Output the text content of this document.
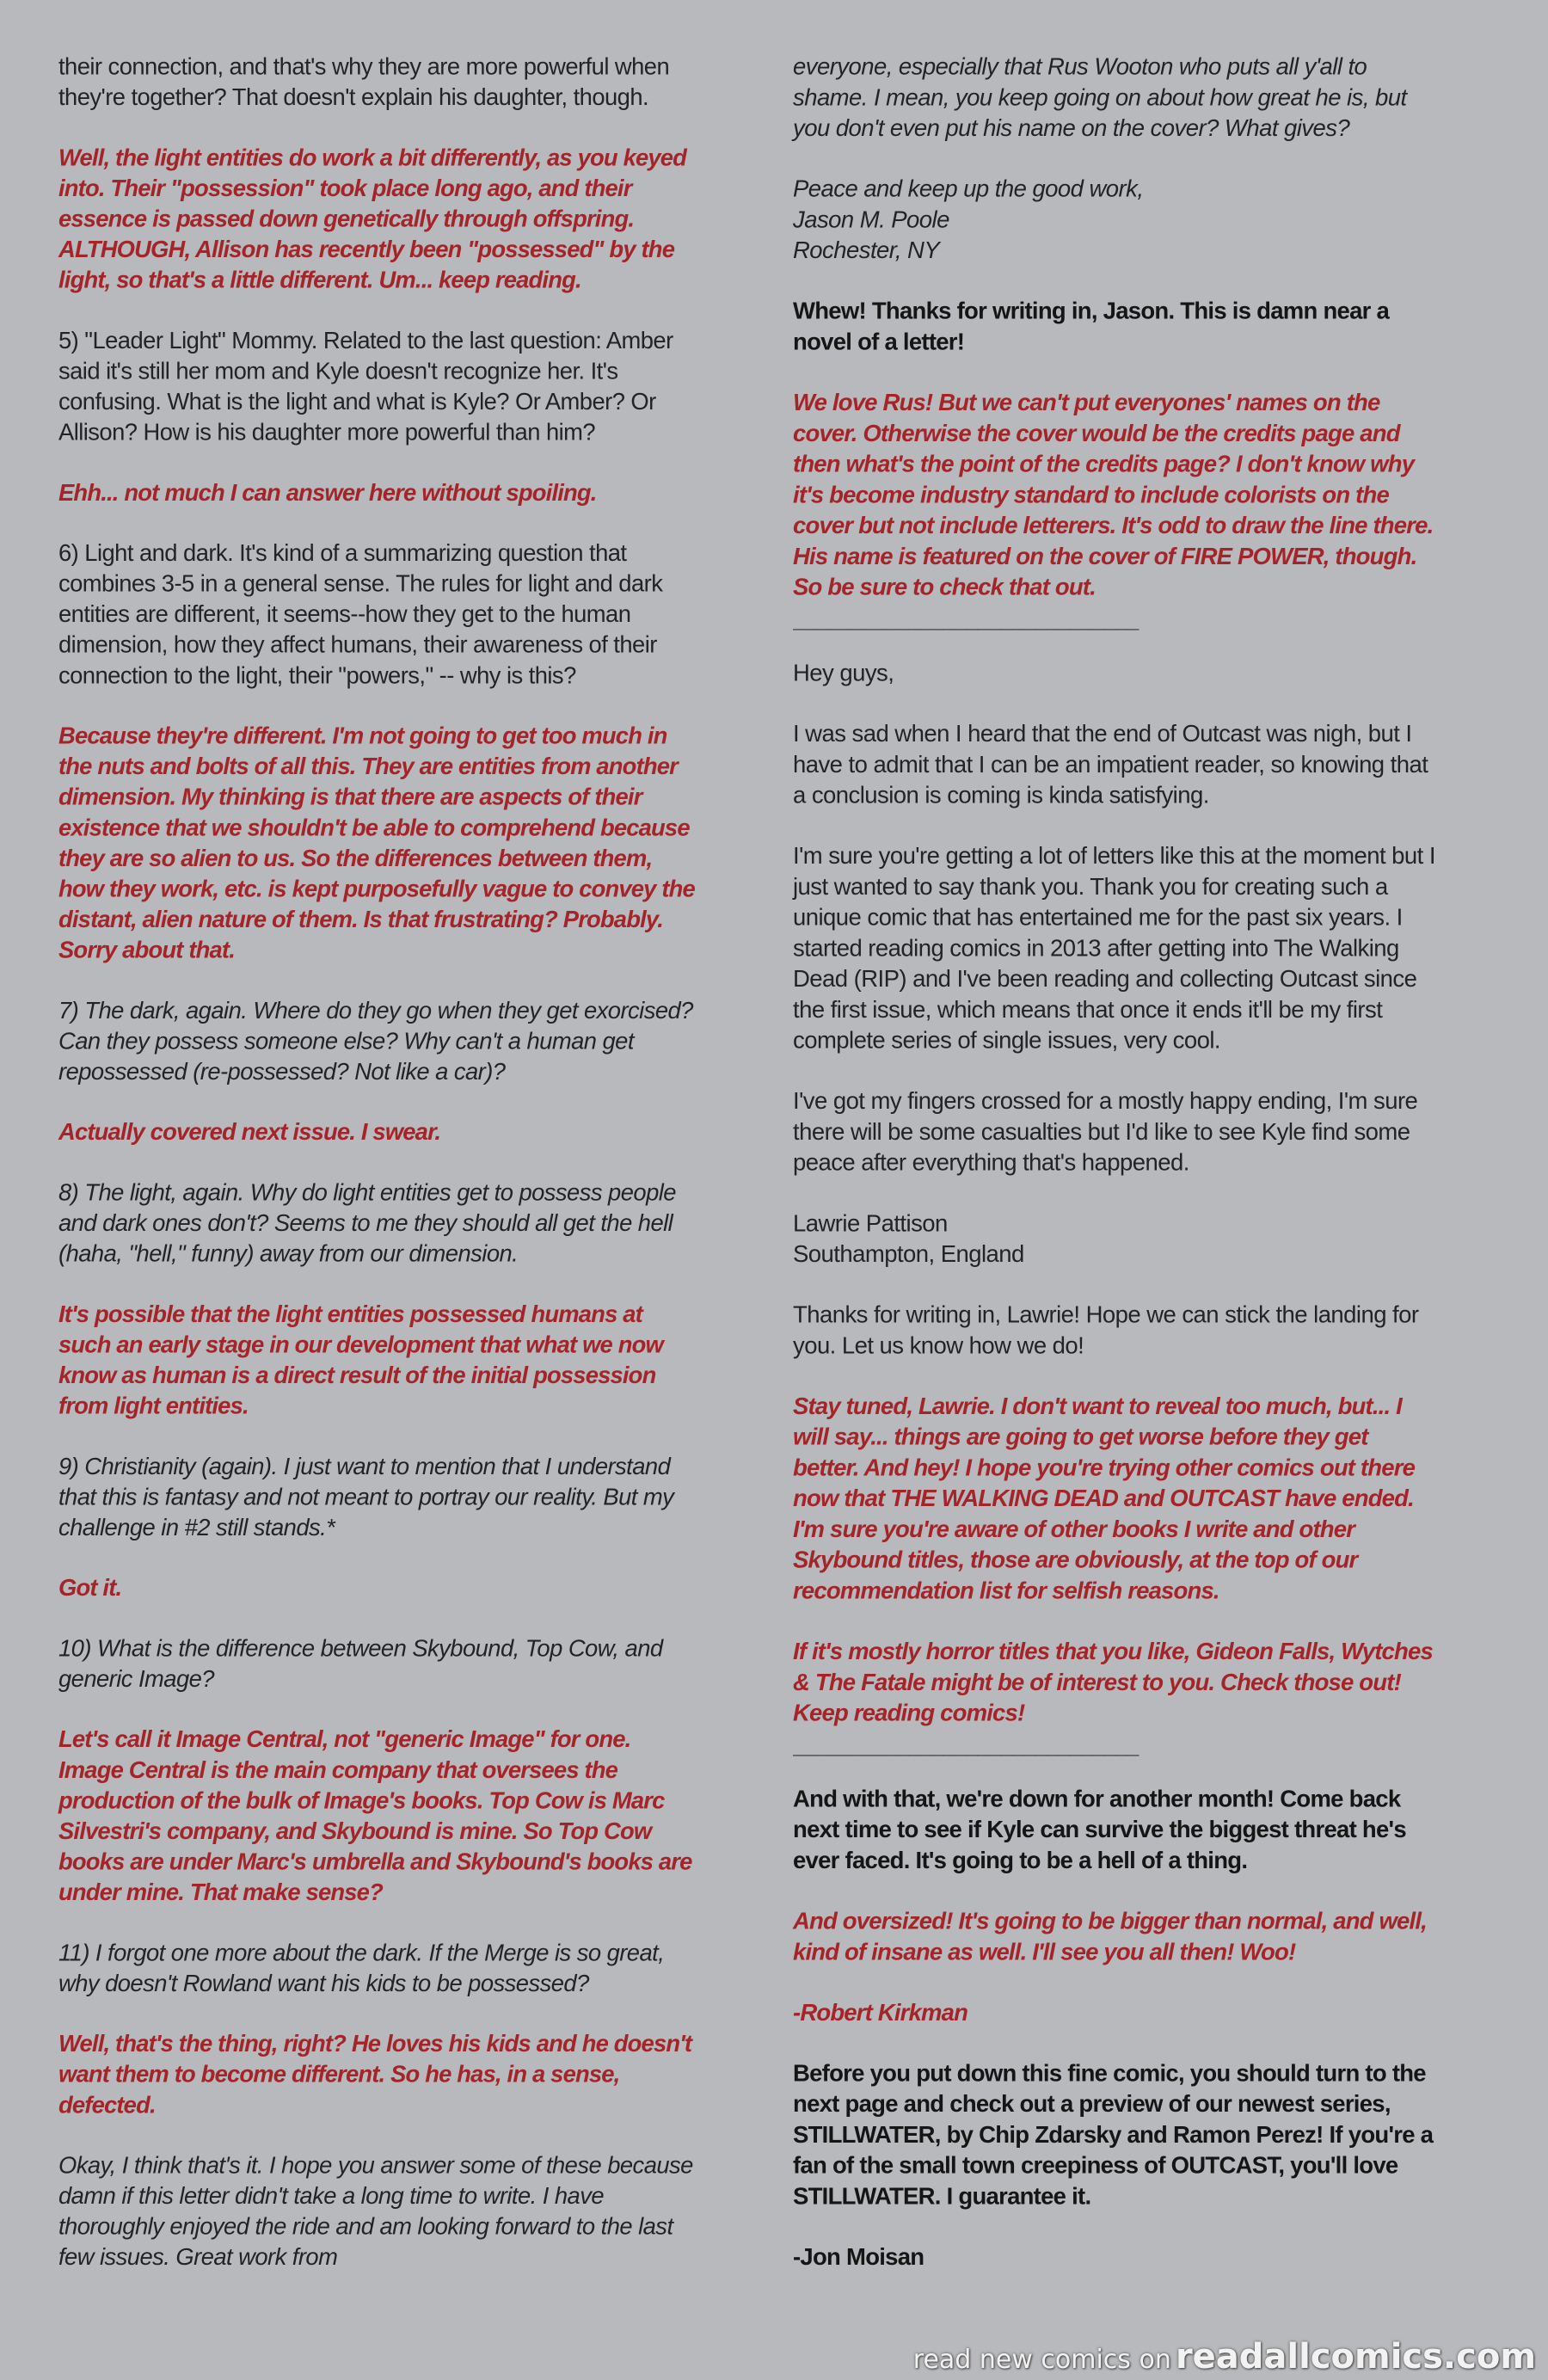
their connection, and that's why they are more powerful when they're together? That doesn't explain his daughter, though.
Well, the light entities do work a bit differently, as you keyed into. Their "possession" took place long ago, and their essence is passed down genetically through offspring. ALTHOUGH, Allison has recently been "possessed" by the light, so that's a little different. Um... keep reading.
5) "Leader Light" Mommy. Related to the last question: Amber said it's still her mom and Kyle doesn't recognize her. It's confusing. What is the light and what is Kyle? Or Amber? Or Allison? How is his daughter more powerful than him?
Ehh... not much I can answer here without spoiling.
6) Light and dark. It's kind of a summarizing question that combines 3-5 in a general sense. The rules for light and dark entities are different, it seems--how they get to the human dimension, how they affect humans, their awareness of their connection to the light, their "powers," -- why is this?
Because they're different. I'm not going to get too much in the nuts and bolts of all this. They are entities from another dimension. My thinking is that there are aspects of their existence that we shouldn't be able to comprehend because they are so alien to us. So the differences between them, how they work, etc. is kept purposefully vague to convey the distant, alien nature of them. Is that frustrating? Probably. Sorry about that.
7) The dark, again. Where do they go when they get exorcised? Can they possess someone else? Why can't a human get repossessed (re-possessed? Not like a car)?
Actually covered next issue. I swear.
8) The light, again. Why do light entities get to possess people and dark ones don't? Seems to me they should all get the hell (haha, "hell," funny) away from our dimension.
It's possible that the light entities possessed humans at such an early stage in our development that what we now know as human is a direct result of the initial possession from light entities.
9) Christianity (again). I just want to mention that I understand that this is fantasy and not meant to portray our reality. But my challenge in #2 still stands.*
Got it.
10) What is the difference between Skybound, Top Cow, and generic Image?
Let's call it Image Central, not "generic Image" for one. Image Central is the main company that oversees the production of the bulk of Image's books. Top Cow is Marc Silvestri's company, and Skybound is mine. So Top Cow books are under Marc's umbrella and Skybound's books are under mine. That make sense?
11) I forgot one more about the dark. If the Merge is so great, why doesn't Rowland want his kids to be possessed?
Well, that's the thing, right? He loves his kids and he doesn't want them to become different. So he has, in a sense, defected.
Okay, I think that's it. I hope you answer some of these because damn if this letter didn't take a long time to write. I have thoroughly enjoyed the ride and am looking forward to the last few issues. Great work from
everyone, especially that Rus Wooton who puts all y'all to shame. I mean, you keep going on about how great he is, but you don't even put his name on the cover? What gives?
Peace and keep up the good work,
Jason M. Poole
Rochester, NY
Whew! Thanks for writing in, Jason. This is damn near a novel of a letter!
We love Rus! But we can't put everyones' names on the cover. Otherwise the cover would be the credits page and then what's the point of the credits page? I don't know why it's become industry standard to include colorists on the cover but not include letterers. It's odd to draw the line there. His name is featured on the cover of FIRE POWER, though. So be sure to check that out.
______________________________
Hey guys,
I was sad when I heard that the end of Outcast was nigh, but I have to admit that I can be an impatient reader, so knowing that a conclusion is coming is kinda satisfying.
I'm sure you're getting a lot of letters like this at the moment but I just wanted to say thank you. Thank you for creating such a unique comic that has entertained me for the past six years. I started reading comics in 2013 after getting into The Walking Dead (RIP) and I've been reading and collecting Outcast since the first issue, which means that once it ends it'll be my first complete series of single issues, very cool.
I've got my fingers crossed for a mostly happy ending, I'm sure there will be some casualties but I'd like to see Kyle find some peace after everything that's happened.
Lawrie Pattison
Southampton, England
Thanks for writing in, Lawrie! Hope we can stick the landing for you. Let us know how we do!
Stay tuned, Lawrie. I don't want to reveal too much, but... I will say... things are going to get worse before they get better. And hey! I hope you're trying other comics out there now that THE WALKING DEAD and OUTCAST have ended. I'm sure you're aware of other books I write and other Skybound titles, those are obviously, at the top of our recommendation list for selfish reasons.
If it's mostly horror titles that you like, Gideon Falls, Wytches & The Fatale might be of interest to you. Check those out! Keep reading comics!
______________________________
And with that, we're down for another month! Come back next time to see if Kyle can survive the biggest threat he's ever faced. It's going to be a hell of a thing.
And oversized! It's going to be bigger than normal, and well, kind of insane as well. I'll see you all then! Woo!
-Robert Kirkman
Before you put down this fine comic, you should turn to the next page and check out a preview of our newest series, STILLWATER, by Chip Zdarsky and Ramon Perez! If you're a fan of the small town creepiness of OUTCAST, you'll love STILLWATER. I guarantee it.
-Jon Moisan
read new comics on readallcomics.com
